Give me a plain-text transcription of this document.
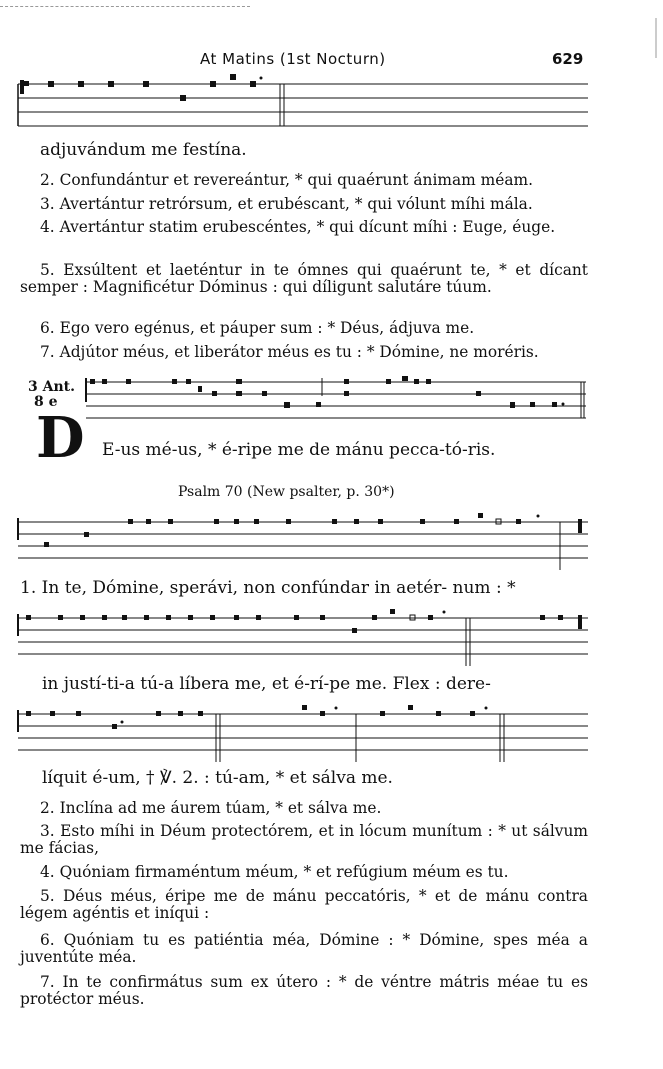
At Matins (1st Nocturn)	629
adjuvándum me festína.
2. Confundántur et revereántur, * qui quaérunt ánimam méam.
3. Avertántur retrórsum, et erubéscant, * qui vólunt míhi mála.
4. Avertántur statim erubescéntes, * qui dícunt míhi : Euge, éuge.
5. Exsúltent et laeténtur in te ómnes qui quaérunt te, * et dícant semper : Magnificétur Dóminus : qui díligunt salutáre túum.
6. Ego vero egénus, et páuper sum : * Déus, ádjuva me.
7. Adjútor méus, et liberátor méus es tu : * Dómine, ne moréris.
3 Ant.
8 e
D E-us mé-us, * é-ripe me de mánu pecca-tó-ris.
Psalm 70 (New psalter, p. 30*)
1. In te, Dómine, sperávi, non confúndar in aetér- num : *
in justí-ti-a tú-a líbera me, et é-rí-pe me. Flex : dere-
líquit é-um, † ℣. 2. : tú-am, * et sálva me.
2. Inclína ad me áurem túam, * et sálva me.
3. Esto míhi in Déum protectórem, et in lócum munítum : * ut sálvum me fácias,
4. Quóniam firmaméntum méum, * et refúgium méum es tu.
5. Déus méus, éripe me de mánu peccatóris, * et de mánu contra légem agéntis et iníqui :
6. Quóniam tu es patiéntia méa, Dómine : * Dómine, spes méa a juventúte méa.
7. In te confirmátus sum ex útero : * de véntre mátris méae tu es protéctor méus.
